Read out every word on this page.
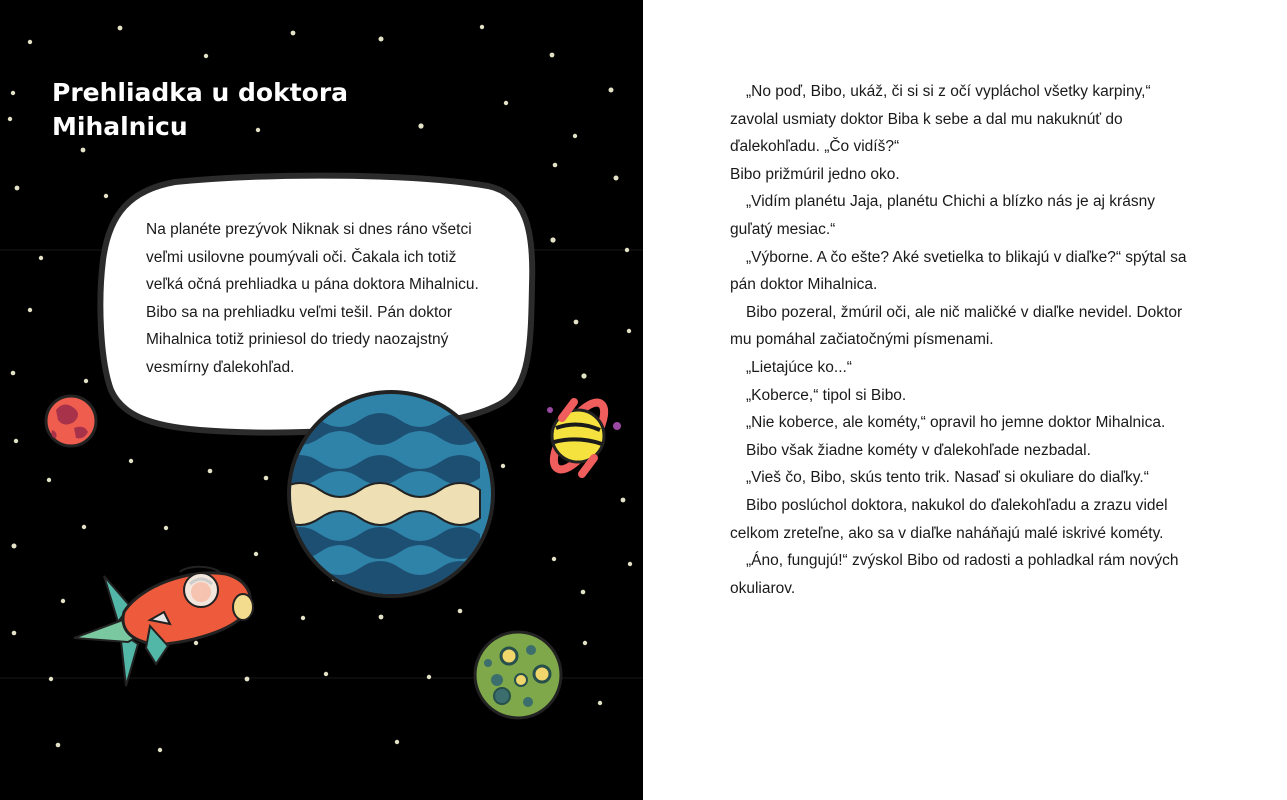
Prehliadka u doktora
Mihalnicu

Na planéte prezývok Niknak si dnes ráno všetci veľmi usilovne poumývali oči. Čakala ich totiž veľká očná prehliadka u pána doktora Mihalnicu. Bibo sa na prehliadku veľmi tešil. Pán doktor Mihalnica totiž priniesol do triedy naozajstný vesmírny ďalekohľad.

„No poď, Bibo, ukáž, či si si z očí vypláchol všetky karpiny,“ zavolal usmiaty doktor Biba k sebe a dal mu nakuknúť do ďalekohľadu. „Čo vidíš?“

Bibo prižmúril jedno oko.

„Vidím planétu Jaja, planétu Chichi a blízko nás je aj krásny guľatý mesiac.“

„Výborne. A čo ešte? Aké svetielka to blikajú v diaľke?“ spýtal sa pán doktor Mihalnica.

Bibo pozeral, žmúril oči, ale nič maličké v diaľke nevidel. Doktor mu pomáhal začiatočnými písmenami.

„Lietajúce ko...“

„Koberce,“ tipol si Bibo.

„Nie koberce, ale kométy,“ opravil ho jemne doktor Mihalnica.

Bibo však žiadne kométy v ďalekohľade nezbadal.

„Vieš čo, Bibo, skús tento trik. Nasaď si okuliare do diaľky.“

Bibo poslúchol doktora, nakukol do ďalekohľadu a zrazu videl celkom zreteľne, ako sa v diaľke naháňajú malé iskrivé kométy.

„Áno, fungujú!“ zvýskol Bibo od radosti a pohladkal rám nových okuliarov.
